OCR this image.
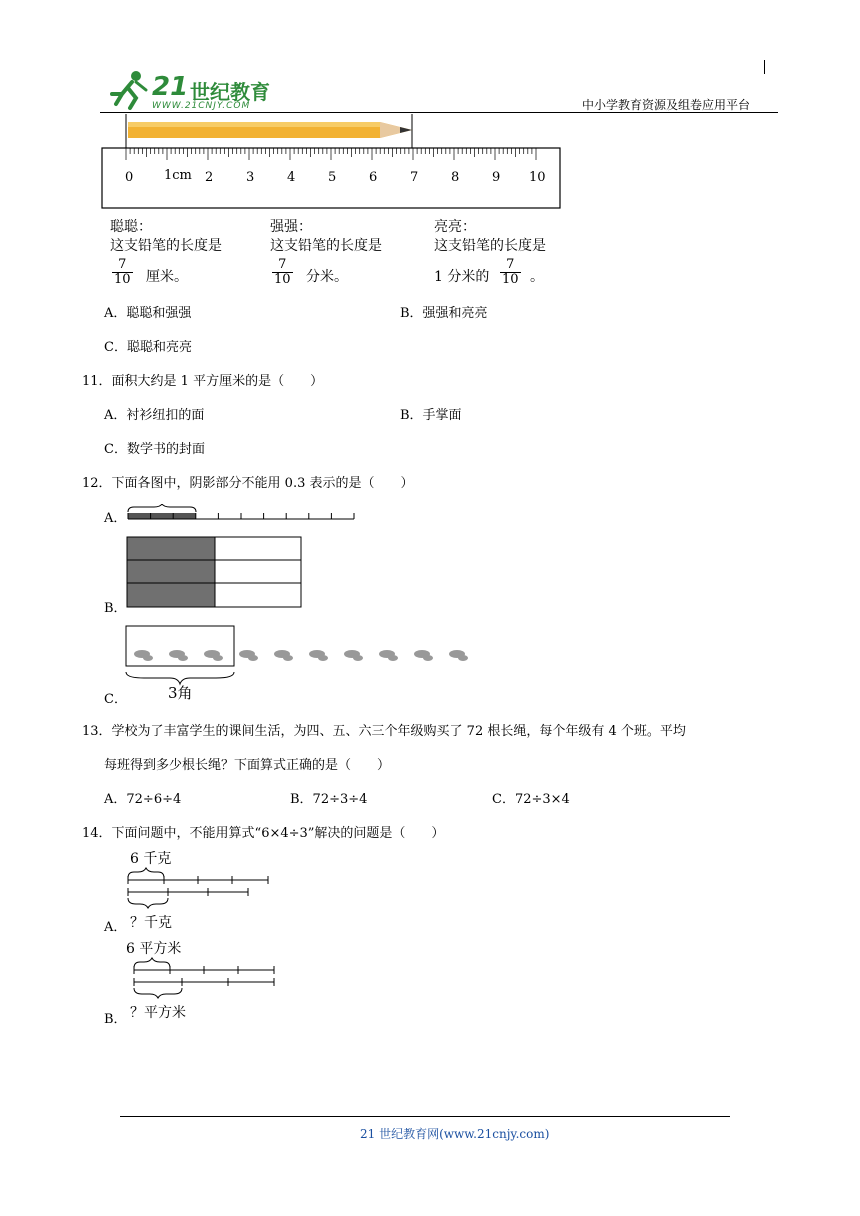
21 世纪教育
WWW.21CNJY.COM	中小学教育资源及组卷应用平台
0 1cm 2	3	4	5	6	7	8	9 10
聪聪：
这支铅笔的长度是
$\frac{7}{10}$ 厘米。
强强：
这支铅笔的长度是
$\frac{7}{10}$ 分米。
亮亮：
这支铅笔的长度是
1 分米的 $\frac{7}{10}$ 。
A．聪聪和强强	B．强强和亮亮
C．聪聪和亮亮
11．面积大约是 1 平方厘米的是（　　）
A．衬衫纽扣的面	B．手掌面
C．数学书的封面
12．下面各图中，阴影部分不能用 0.3 表示的是（　　）
A．
B．
C．	3角
13．学校为了丰富学生的课间生活，为四、五、六三个年级购买了 72 根长绳，每个年级有 4 个班。平均
每班得到多少根长绳？下面算式正确的是（　　）
A．72÷6÷4	B．72÷3÷4	C．72÷3×4
14．下面问题中，不能用算式“6×4÷3”解决的问题是（　　）
6 千克
A． ？千克
6 平方米
B． ？平方米
21 世纪教育网(www.21cnjy.com)
